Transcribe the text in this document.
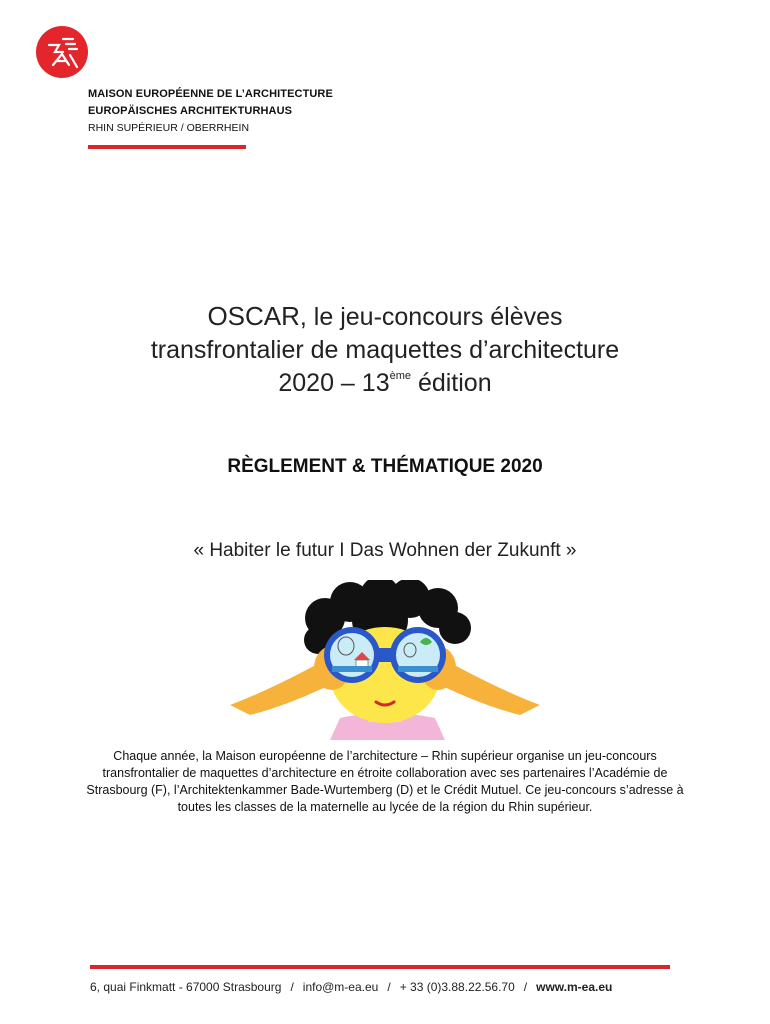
MAISON EUROPÉENNE DE L’ARCHITECTURE
EUROPÄISCHES ARCHITEKTURHAUS
RHIN SUPÉRIEUR / OBERRHEIN
OSCAR, le jeu-concours élèves
transfrontalier de maquettes d’architecture
2020 – 13ème édition
RÈGLEMENT & THÉMATIQUE 2020
« Habiter le futur I Das Wohnen der Zukunft »
Chaque année, la Maison européenne de l’architecture – Rhin supérieur organise un jeu-concours transfrontalier de maquettes d’architecture en étroite collaboration avec ses partenaires l’Académie de Strasbourg (F), l’Architektenkammer Bade-Wurtemberg (D) et le Crédit Mutuel. Ce jeu-concours s’adresse à toutes les classes de la maternelle au lycée de la région du Rhin supérieur.
6, quai Finkmatt - 67000 Strasbourg / info@m-ea.eu / + 33 (0)3.88.22.56.70 / www.m-ea.eu
